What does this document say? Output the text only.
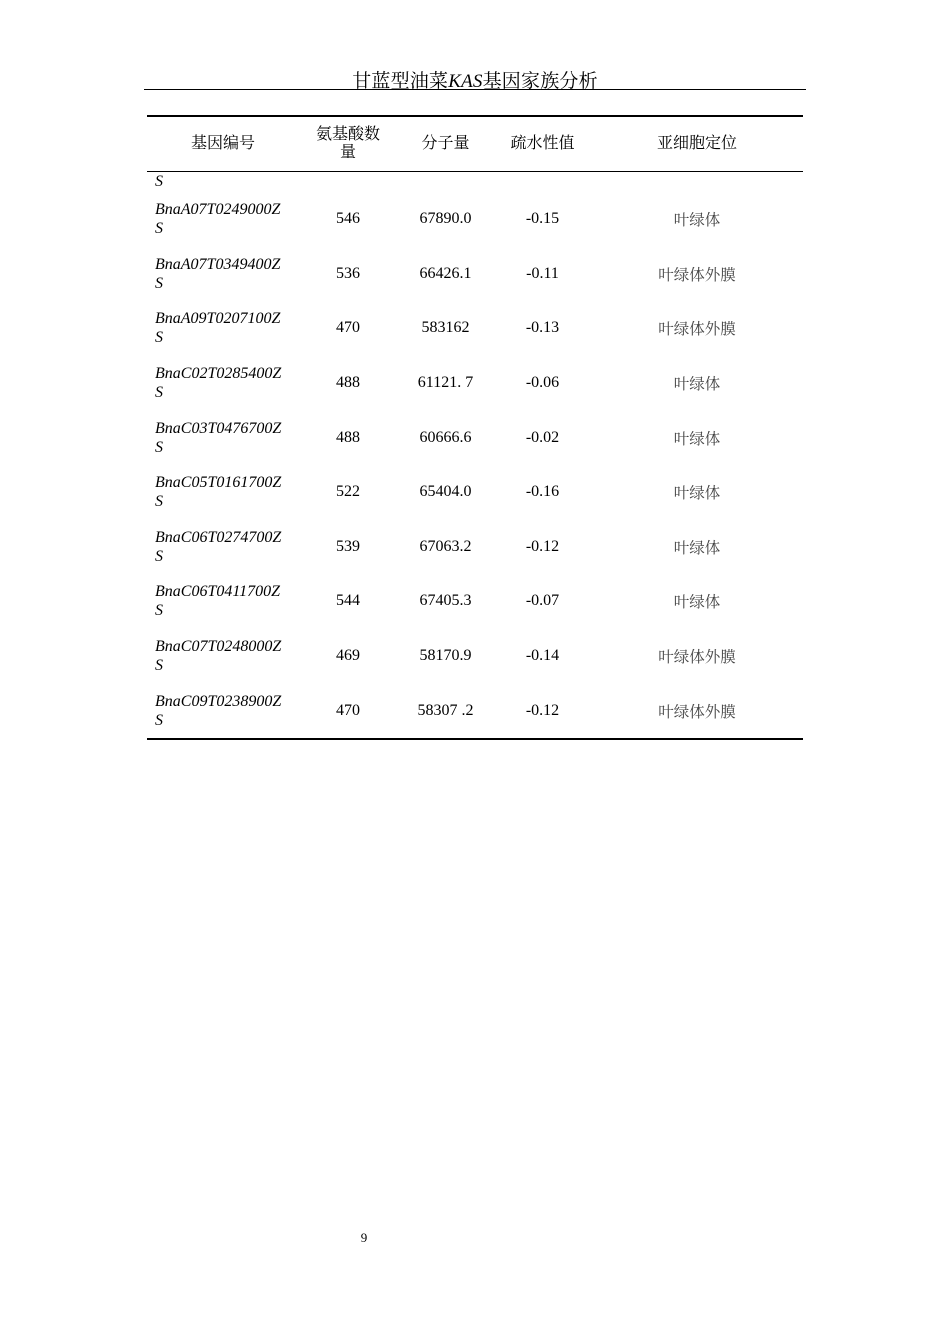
甘蓝型油菜KAS基因家族分析
基因编号	氨基酸数量	分子量	疏水性值	亚细胞定位
S				

BnaA07T0249000Z
S	546	67890.0	-0.15	叶绿体

BnaA07T0349400Z
S	536	66426.1	-0.11	叶绿体外膜

BnaA09T0207100Z
S	470	583162	-0.13	叶绿体外膜

BnaC02T0285400Z
S	488	61121. 7	-0.06	叶绿体

BnaC03T0476700Z
S	488	60666.6	-0.02	叶绿体

BnaC05T0161700Z
S	522	65404.0	-0.16	叶绿体

BnaC06T0274700Z
S	539	67063.2	-0.12	叶绿体

BnaC06T0411700Z
S	544	67405.3	-0.07	叶绿体

BnaC07T0248000Z
S	469	58170.9	-0.14	叶绿体外膜

BnaC09T0238900Z
S	470	58307 .2	-0.12	叶绿体外膜
9
